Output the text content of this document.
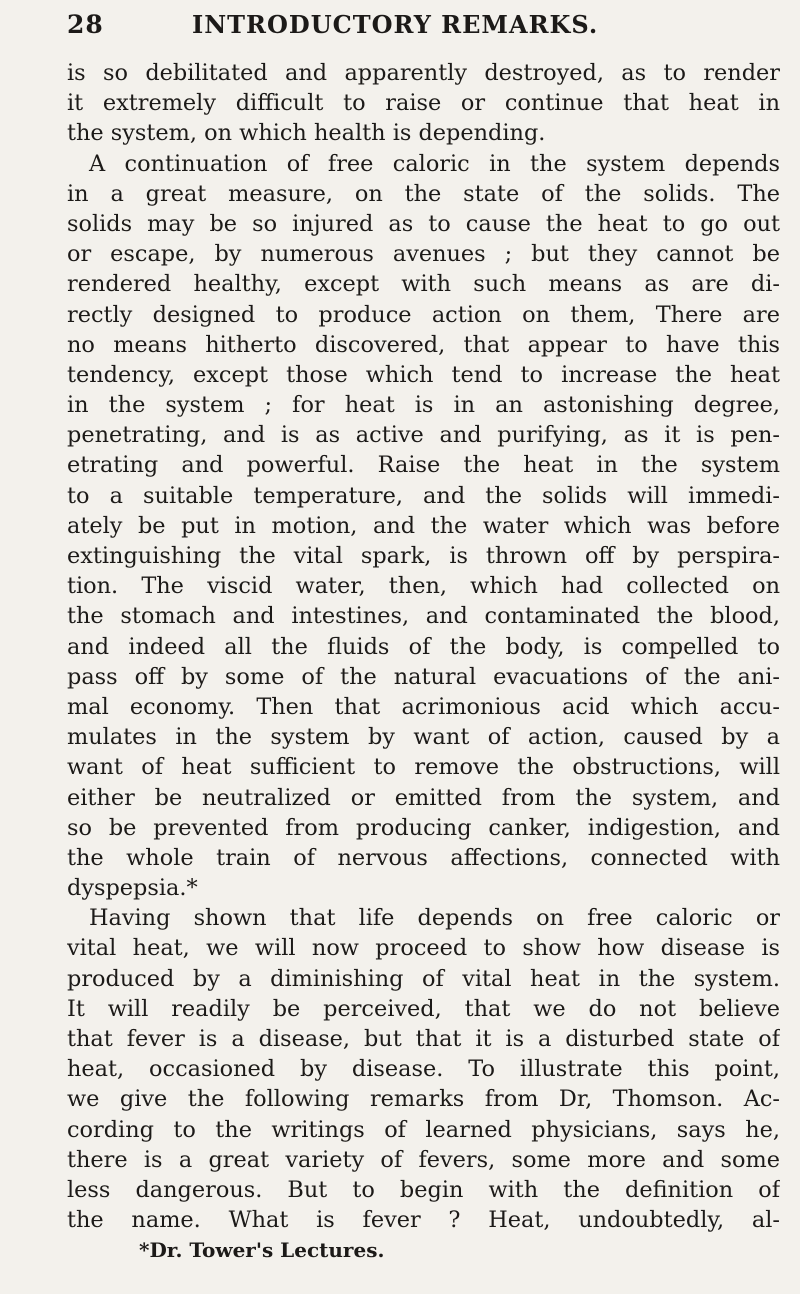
28	INTRODUCTORY REMARKS.
is so debilitated and apparently destroyed, as to render
it extremely difficult to raise or continue that heat in
the system, on which health is depending.
A continuation of free caloric in the system depends
in a great measure, on the state of the solids. The
solids may be so injured as to cause the heat to go out
or escape, by numerous avenues ; but they cannot be
rendered healthy, except with such means as are di-
rectly designed to produce action on them, There are
no means hitherto discovered, that appear to have this
tendency, except those which tend to increase the heat
in the system ; for heat is in an astonishing degree,
penetrating, and is as active and purifying, as it is pen-
etrating and powerful. Raise the heat in the system
to a suitable temperature, and the solids will immedi-
ately be put in motion, and the water which was before
extinguishing the vital spark, is thrown off by perspira-
tion. The viscid water, then, which had collected on
the stomach and intestines, and contaminated the blood,
and indeed all the fluids of the body, is compelled to
pass off by some of the natural evacuations of the ani-
mal economy. Then that acrimonious acid which accu-
mulates in the system by want of action, caused by a
want of heat sufficient to remove the obstructions, will
either be neutralized or emitted from the system, and
so be prevented from producing canker, indigestion, and
the whole train of nervous affections, connected with
dyspepsia.*
Having shown that life depends on free caloric or
vital heat, we will now proceed to show how disease is
produced by a diminishing of vital heat in the system.
It will readily be perceived, that we do not believe
that fever is a disease, but that it is a disturbed state of
heat, occasioned by disease. To illustrate this point,
we give the following remarks from Dr, Thomson. Ac-
cording to the writings of learned physicians, says he,
there is a great variety of fevers, some more and some
less dangerous. But to begin with the definition of
the name. What is fever ? Heat, undoubtedly, al-
*Dr. Tower's Lectures.
